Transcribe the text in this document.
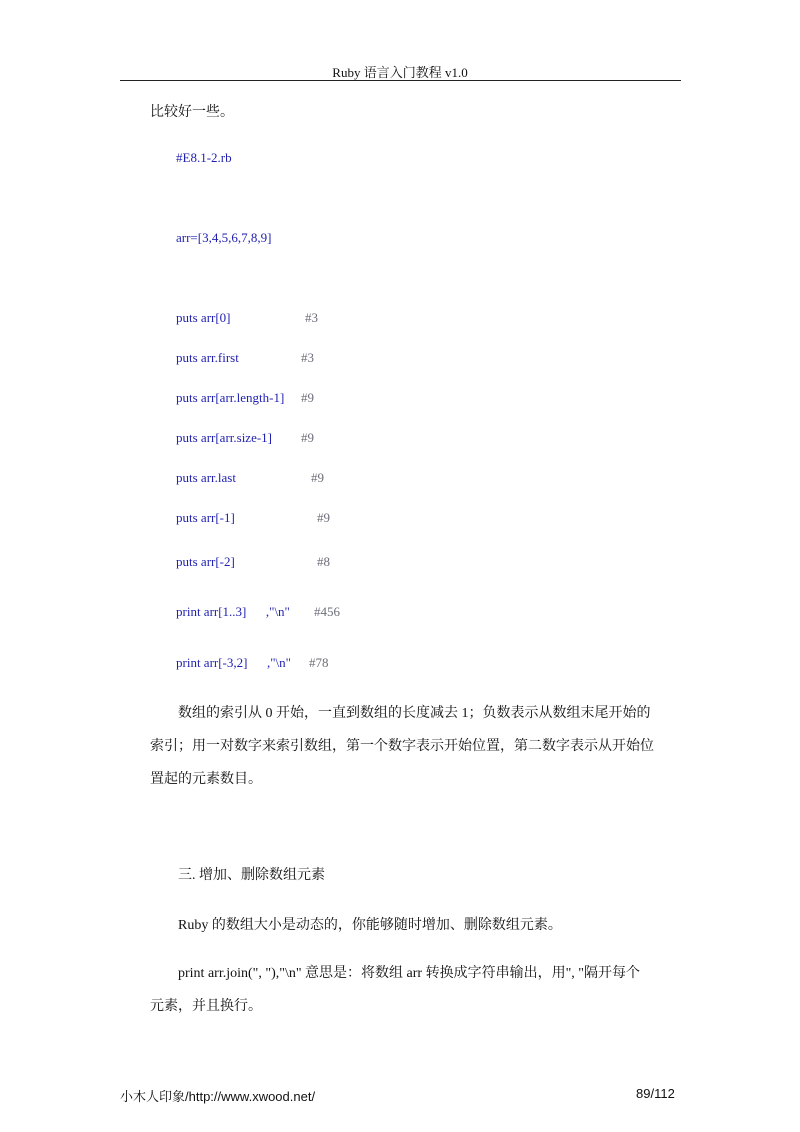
Ruby 语言入门教程 v1.0
比较好一些。
#E8.1-2.rb
arr=[3,4,5,6,7,8,9]
puts arr[0]	#3
puts arr.first	#3
puts arr[arr.length-1] #9
puts arr[arr.size-1] #9
puts arr.last	#9
puts arr[-1]	#9
puts arr[-2]	#8
print arr[1..3]      ,"\n" #456
print arr[-3,2]      ,"\n" #78

数组的索引从 0 开始，一直到数组的长度减去 1；负数表示从数组末尾开始的

索引；用一对数字来索引数组，第一个数字表示开始位置，第二数字表示从开始位

置起的元素数目。

三. 增加、删除数组元素
Ruby 的数组大小是动态的，你能够随时增加、删除数组元素。

print arr.join(", "),"\n" 意思是：将数组 arr 转换成字符串输出，用", "隔开每个

元素，并且换行。

小木人印象/http://www.xwood.net/	89/112
